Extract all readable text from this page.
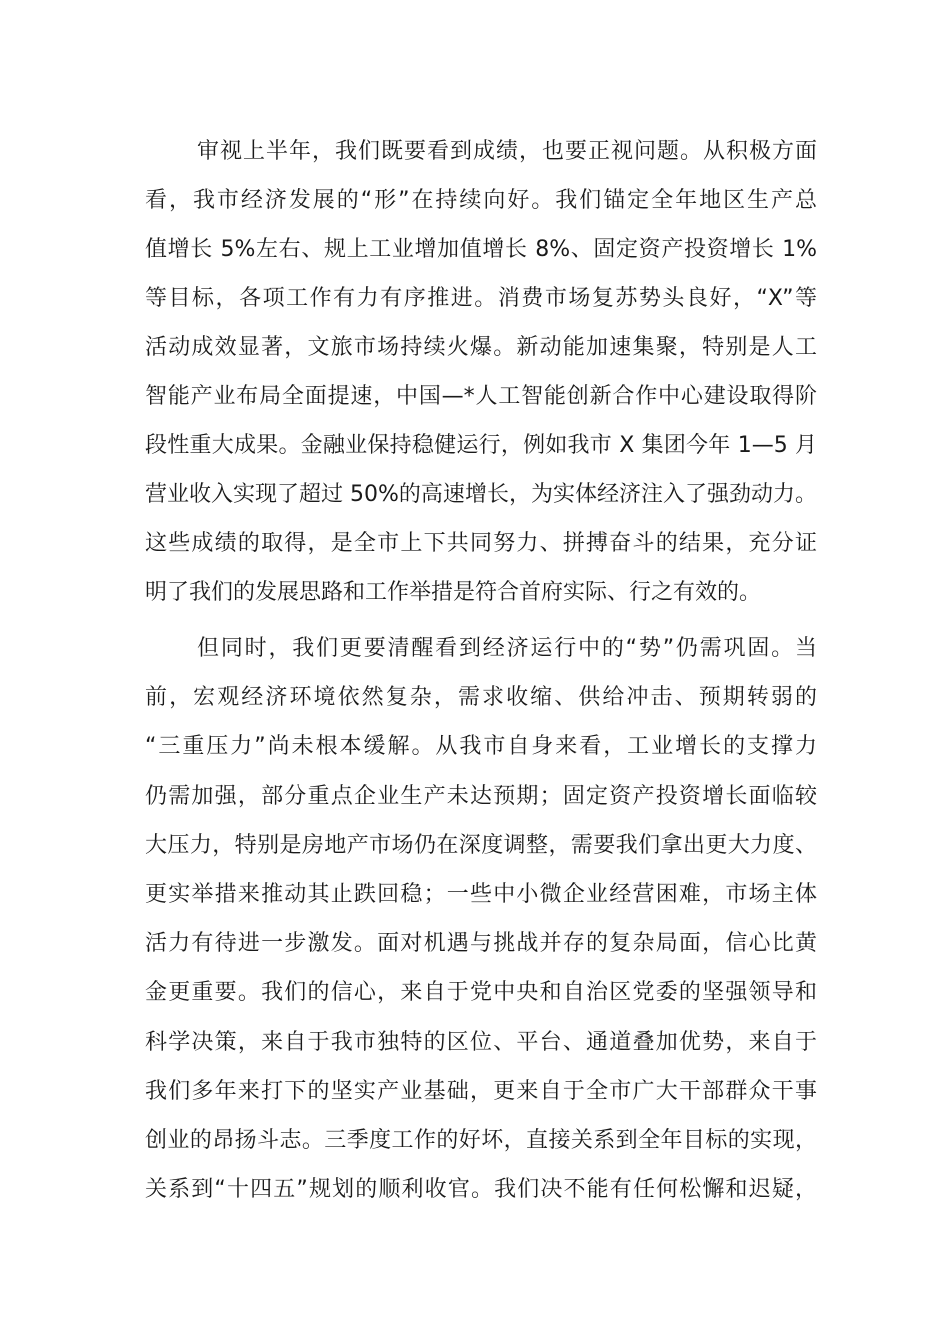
审视上半年，我们既要看到成绩，也要正视问题。从积极方面
看，我市经济发展的“形”在持续向好。我们锚定全年地区生产总
值增长 5%左右、规上工业增加值增长 8%、固定资产投资增长 1%
等目标，各项工作有力有序推进。消费市场复苏势头良好，“X”等
活动成效显著，文旅市场持续火爆。新动能加速集聚，特别是人工
智能产业布局全面提速，中国—*人工智能创新合作中心建设取得阶
段性重大成果。金融业保持稳健运行，例如我市 X 集团今年 1—5 月
营业收入实现了超过 50%的高速增长，为实体经济注入了强劲动力。
这些成绩的取得，是全市上下共同努力、拼搏奋斗的结果，充分证
明了我们的发展思路和工作举措是符合首府实际、行之有效的。
但同时，我们更要清醒看到经济运行中的“势”仍需巩固。当
前，宏观经济环境依然复杂，需求收缩、供给冲击、预期转弱的
“三重压力”尚未根本缓解。从我市自身来看，工业增长的支撑力
仍需加强，部分重点企业生产未达预期；固定资产投资增长面临较
大压力，特别是房地产市场仍在深度调整，需要我们拿出更大力度、
更实举措来推动其止跌回稳；一些中小微企业经营困难，市场主体
活力有待进一步激发。面对机遇与挑战并存的复杂局面，信心比黄
金更重要。我们的信心，来自于党中央和自治区党委的坚强领导和
科学决策，来自于我市独特的区位、平台、通道叠加优势，来自于
我们多年来打下的坚实产业基础，更来自于全市广大干部群众干事
创业的昂扬斗志。三季度工作的好坏，直接关系到全年目标的实现，
关系到“十四五”规划的顺利收官。我们决不能有任何松懈和迟疑，
